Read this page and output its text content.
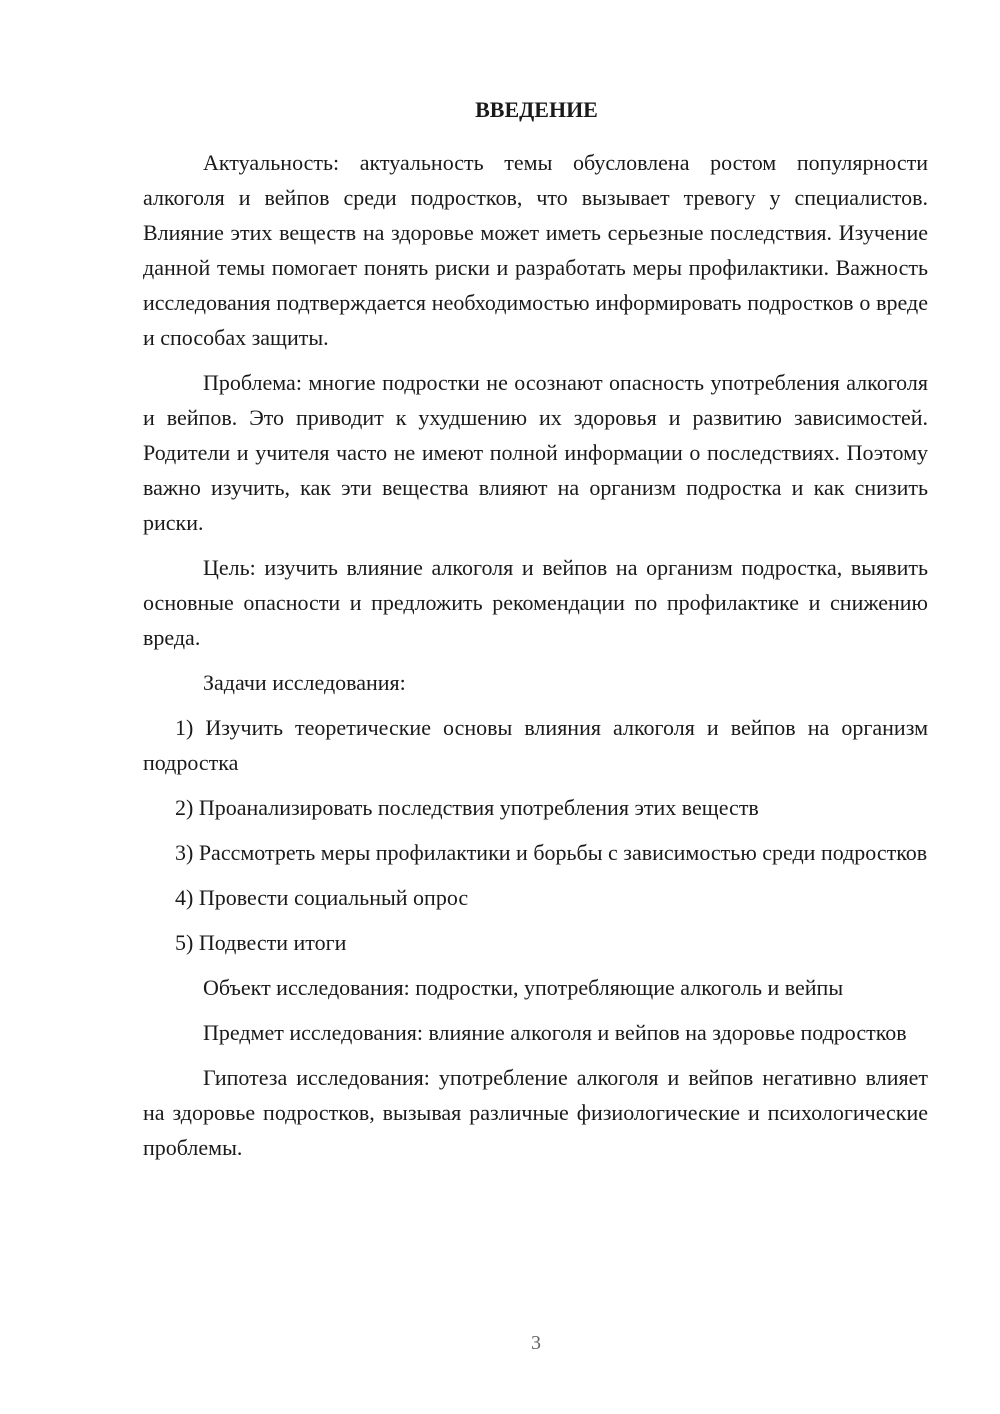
ВВЕДЕНИЕ

Актуальность: актуальность темы обусловлена ростом популярности алкоголя и вейпов среди подростков, что вызывает тревогу у специалистов. Влияние этих веществ на здоровье может иметь серьезные последствия. Изучение данной темы помогает понять риски и разработать меры профилактики. Важность исследования подтверждается необходимостью информировать подростков о вреде и способах защиты.

Проблема: многие подростки не осознают опасность употребления алкоголя и вейпов. Это приводит к ухудшению их здоровья и развитию зависимостей. Родители и учителя часто не имеют полной информации о последствиях. Поэтому важно изучить, как эти вещества влияют на организм подростка и как снизить риски.

Цель: изучить влияние алкоголя и вейпов на организм подростка, выявить основные опасности и предложить рекомендации по профилактике и снижению вреда.

Задачи исследования:

1) Изучить теоретические основы влияния алкоголя и вейпов на организм подростка

2) Проанализировать последствия употребления этих веществ

3) Рассмотреть меры профилактики и борьбы с зависимостью среди подростков

4) Провести социальный опрос

5) Подвести итоги

Объект исследования: подростки, употребляющие алкоголь и вейпы

Предмет исследования: влияние алкоголя и вейпов на здоровье подростков

Гипотеза исследования: употребление алкоголя и вейпов негативно влияет на здоровье подростков, вызывая различные физиологические и психологические проблемы.

3
